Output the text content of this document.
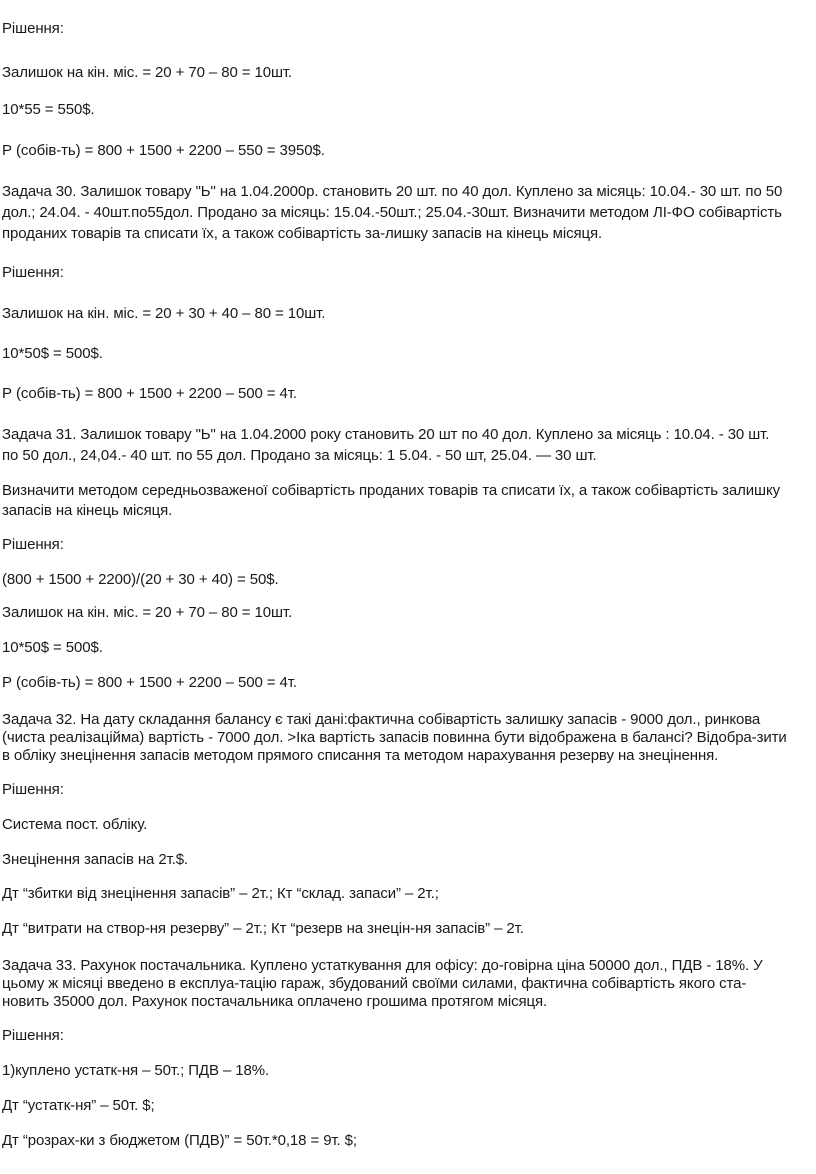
Рішення:
Залишок на кін. міс. = 20 + 70 – 80 = 10шт.
10*55 = 550$.
Р (собів-ть) = 800 + 1500 + 2200 – 550 = 3950$.
Задача 30. Залишок товару "Ь" на 1.04.2000р. становить 20 шт. по 40 дол. Куплено за місяць: 10.04.- 30 шт. по 50
дол.; 24.04. - 40шт.по55дол. Продано за місяць: 15.04.-50шт.; 25.04.-30шт. Визначити методом ЛІ-ФО собівартість
проданих товарів та списати їх, а також собівартість за-лишку запасів на кінець місяця.
Рішення:
Залишок на кін. міс. = 20 + 30 + 40 – 80 = 10шт.
10*50$ = 500$.
Р (собів-ть) = 800 + 1500 + 2200 – 500 = 4т.
Задача 31. Залишок товару "Ь" на 1.04.2000 року становить 20 шт по 40 дол. Куплено за місяць : 10.04. - 30 шт.
по 50 дол., 24,04.- 40 шт. по 55 дол. Продано за місяць: 1 5.04. - 50 шт, 25.04. — 30 шт.
Визначити методом середньозваженої собівартість проданих товарів та списати їх, а також собівартість залишку
запасів на кінець місяця.
Рішення:
(800 + 1500 + 2200)/(20 + 30 + 40) = 50$.
Залишок на кін. міс. = 20 + 70 – 80 = 10шт.
10*50$ = 500$.
Р (собів-ть) = 800 + 1500 + 2200 – 500 = 4т.
Задача 32. На дату складання балансу є такі дані:фактична собівартість залишку запасів - 9000 дол., ринкова
(чиста реалізаційма) вартість - 7000 дол. >Іка вартість запасів повинна бути відображена в балансі? Відобра-зити
в обліку знецінення запасів методом прямого списання та методом нарахування резерву на знецінення.
Рішення:
Система пост. обліку.
Знецінення запасів на 2т.$.
Дт “збитки від знецінення запасів” – 2т.; Кт “склад. запаси” – 2т.;
Дт “витрати на створ-ня резерву” – 2т.; Кт “резерв на знецін-ня запасів” – 2т.
Задача 33. Рахунок постачальника. Куплено устаткування для офісу: до-говірна ціна 50000 дол., ПДВ - 18%. У
цьому ж місяці введено в експлуа-тацію гараж, збудований своїми силами, фактична собівартість якого ста-
новить 35000 дол. Рахунок постачальника оплачено грошима протягом місяця.
Рішення:
1)куплено устатк-ня – 50т.; ПДВ – 18%.
Дт “устатк-ня” – 50т. $;
Дт “розрах-ки з бюджетом (ПДВ)” = 50т.*0,18 = 9т. $;
